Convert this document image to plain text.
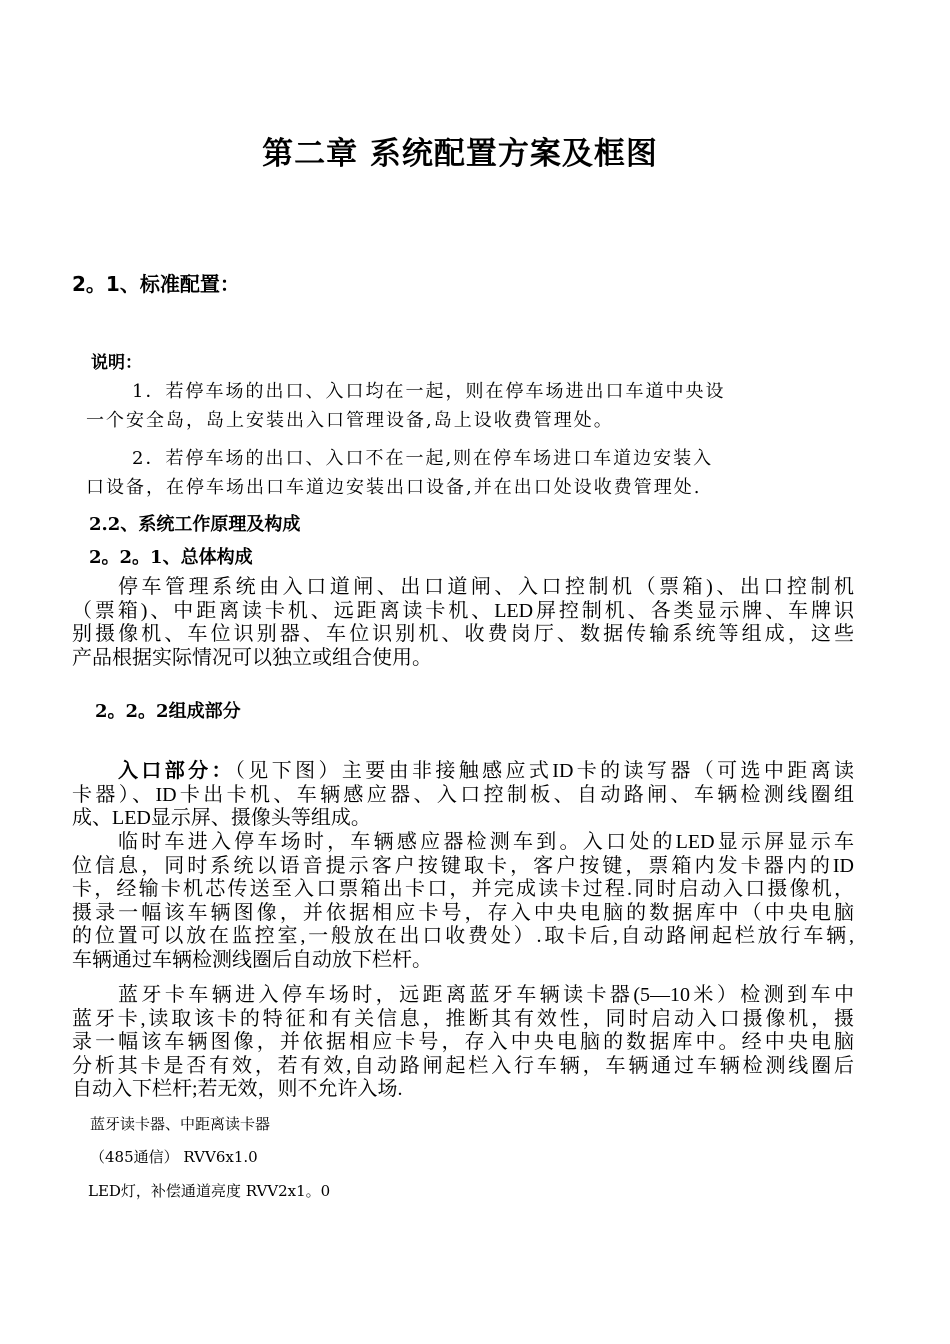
第二章 系统配置方案及框图
2。1、标准配置：
说明：
1．若停车场的出口、入口均在一起，则在停车场进出口车道中央设
一个安全岛，岛上安装出入口管理设备,岛上设收费管理处。
2．若停车场的出口、入口不在一起,则在停车场进口车道边安装入
口设备，在停车场出口车道边安装出口设备,并在出口处设收费管理处.
2.2、系统工作原理及构成
2。2。1、总体构成
停车管理系统由入口道闸、出口道闸、入口控制机（票箱)、出口控制机
（票箱)、中距离读卡机、远距离读卡机、LED屏控制机、各类显示牌、车牌识
别摄像机、车位识别器、车位识别机、收费岗厅、数据传输系统等组成，这些
产品根据实际情况可以独立或组合使用。
2。2。2组成部分
入口部分：（见下图）主要由非接触感应式ID卡的读写器（可选中距离读
卡器）、ID卡出卡机、车辆感应器、入口控制板、自动路闸、车辆检测线圈组
成、LED显示屏、摄像头等组成。
临时车进入停车场时，车辆感应器检测车到。入口处的LED显示屏显示车
位信息，同时系统以语音提示客户按键取卡，客户按键，票箱内发卡器内的ID
卡，经输卡机芯传送至入口票箱出卡口，并完成读卡过程.同时启动入口摄像机，
摄录一幅该车辆图像，并依据相应卡号，存入中央电脑的数据库中（中央电脑
的位置可以放在监控室,一般放在出口收费处）.取卡后,自动路闸起栏放行车辆,
车辆通过车辆检测线圈后自动放下栏杆。
蓝牙卡车辆进入停车场时，远距离蓝牙车辆读卡器(5—10米）检测到车中
蓝牙卡,读取该卡的特征和有关信息，推断其有效性，同时启动入口摄像机，摄
录一幅该车辆图像，并依据相应卡号，存入中央电脑的数据库中。经中央电脑
分析其卡是否有效，若有效,自动路闸起栏入行车辆，车辆通过车辆检测线圈后
自动入下栏杆;若无效，则不允许入场.
蓝牙读卡器、中距离读卡器
（485通信） RVV6x1.0
LED灯，补偿通道亮度 RVV2x1。0
